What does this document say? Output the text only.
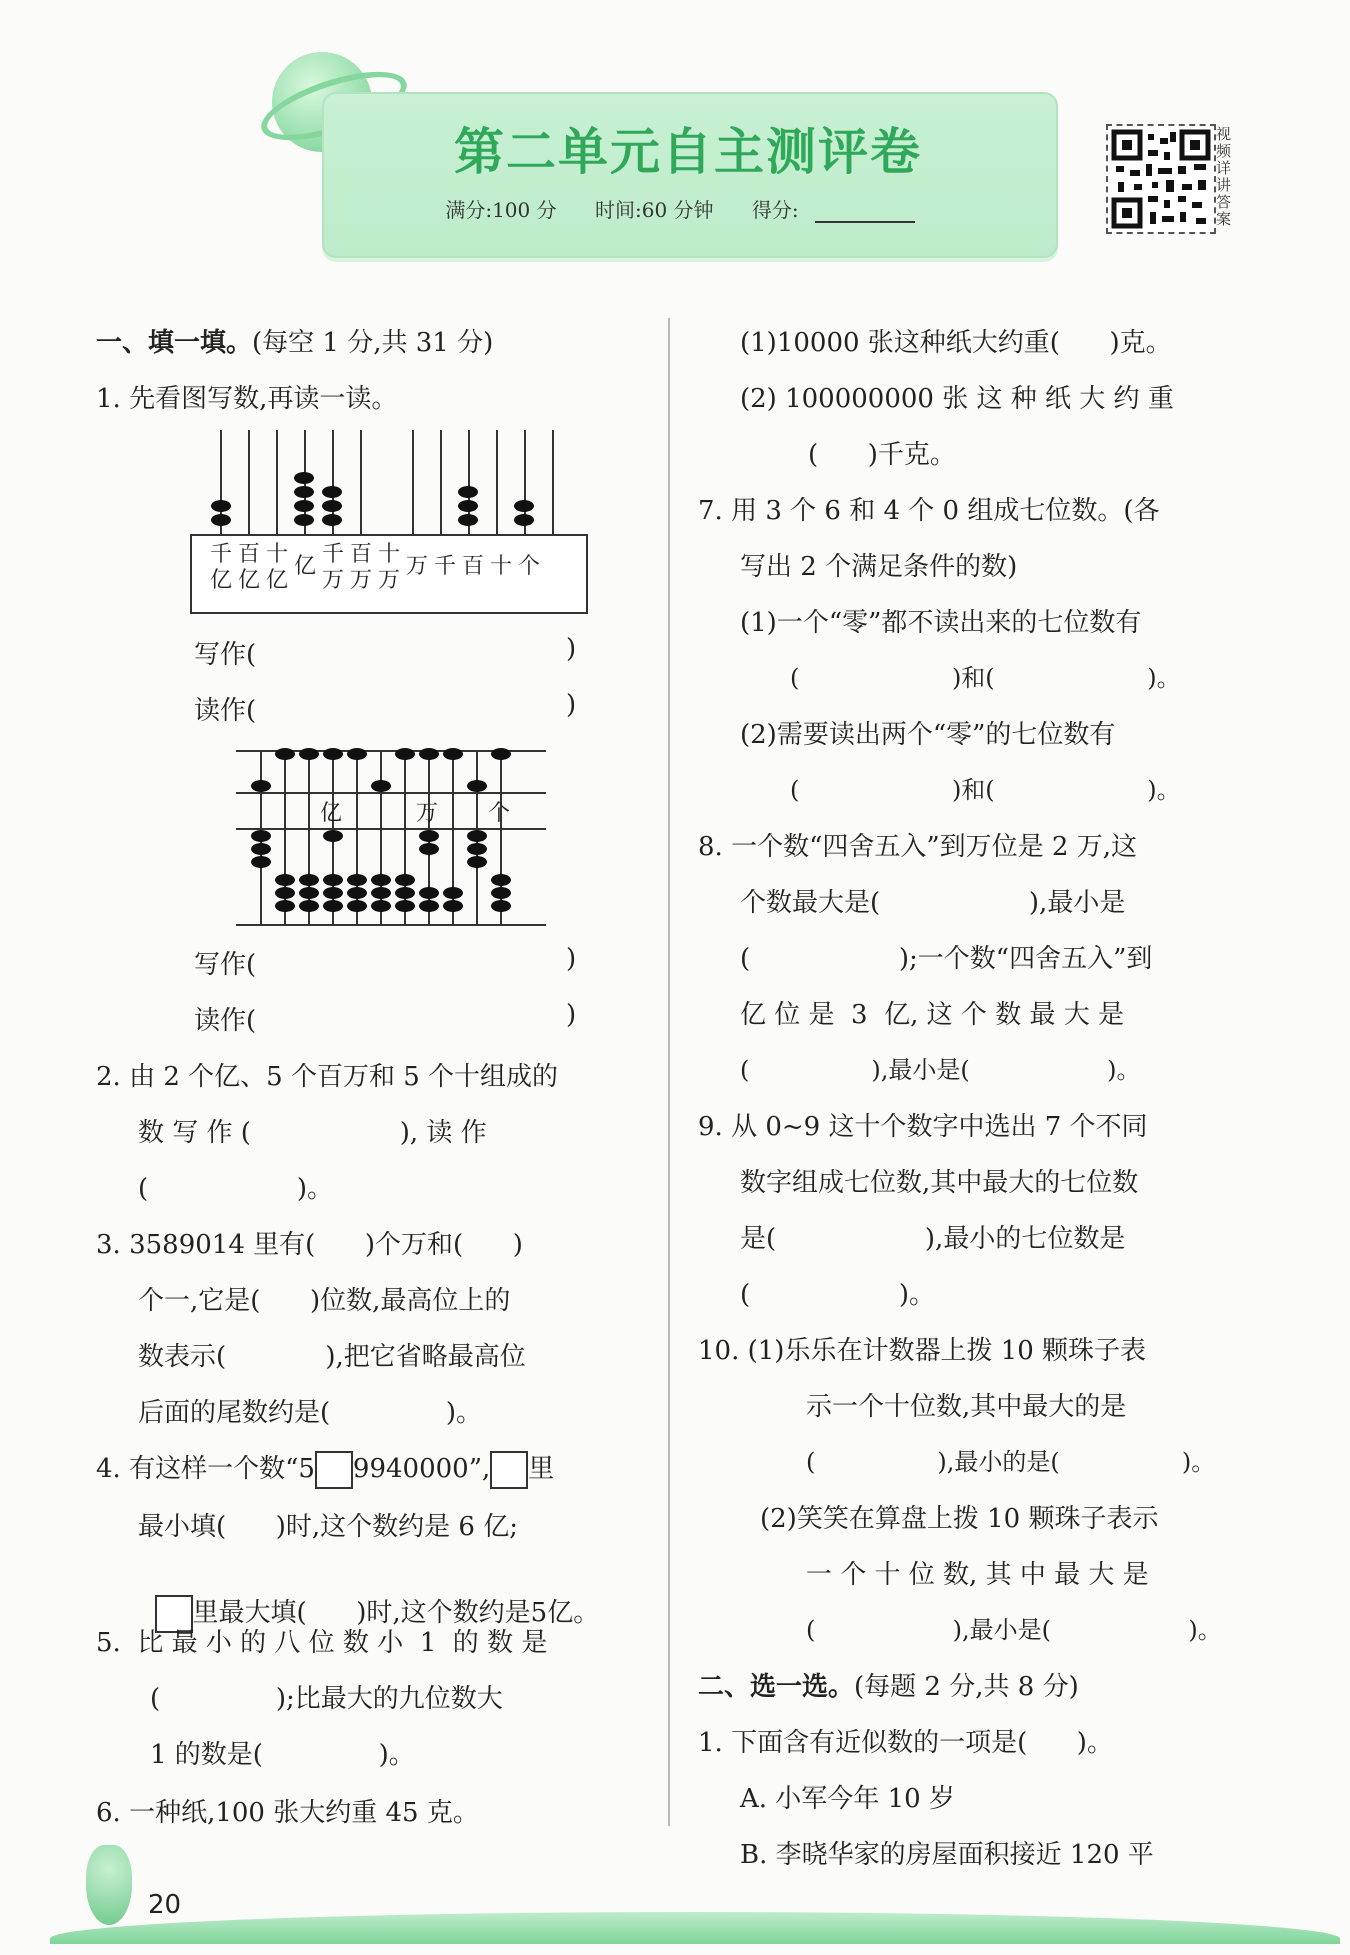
第二单元自主测评卷
满分:100 分 时间:60 分钟 得分:
视频详讲答案
一、填一填。(每空 1 分,共 31 分)
1. 先看图写数,再读一读。
千
亿
百
亿
十
亿
亿 千
万
百
万
十
万
万 千 百 十 个
写作(	)
读作(	)
亿	万 个
写作(	)
读作(	)
2. 由 2 个亿、5 个百万和 5 个十组成的
数 写 作 (                  ), 读 作
(                  )。
3. 3589014 里有(      )个万和(      )
个一,它是(      )位数,最高位上的
数表示(            ),把它省略最高位
后面的尾数约是(              )。
4. 有这样一个数“5 9940000”, 里
最小填(      )时,这个数约是 6 亿;

里最大填(      )时,这个数约是5亿。

5.  比 最 小 的 八 位 数 小  1  的 数 是
(              );比最大的九位数大
1 的数是(              )。
6. 一种纸,100 张大约重 45 克。
(1)10000 张这种纸大约重(      )克。
(2) 100000000 张 这 种 纸 大 约 重
(      )千克。
7. 用 3 个 6 和 4 个 0 组成七位数。(各
写出 2 个满足条件的数)
(1)一个“零”都不读出来的七位数有
(                    )和(                    )。
(2)需要读出两个“零”的七位数有
(                    )和(                    )。
8. 一个数“四舍五入”到万位是 2 万,这
个数最大是(                  ),最小是
(                  );一个数“四舍五入”到
亿 位 是  3  亿, 这 个 数 最 大 是
(                ),最小是(                  )。
9. 从 0~9 这十个数字中选出 7 个不同
数字组成七位数,其中最大的七位数
是(                  ),最小的七位数是
(                  )。
10. (1)乐乐在计数器上拨 10 颗珠子表
示一个十位数,其中最大的是
(                ),最小的是(                )。
(2)笑笑在算盘上拨 10 颗珠子表示
一 个 十 位 数, 其 中 最 大 是
(                  ),最小是(                  )。
二、选一选。(每题 2 分,共 8 分)
1. 下面含有近似数的一项是(      )。
A. 小军今年 10 岁
B. 李晓华家的房屋面积接近 120 平
20
